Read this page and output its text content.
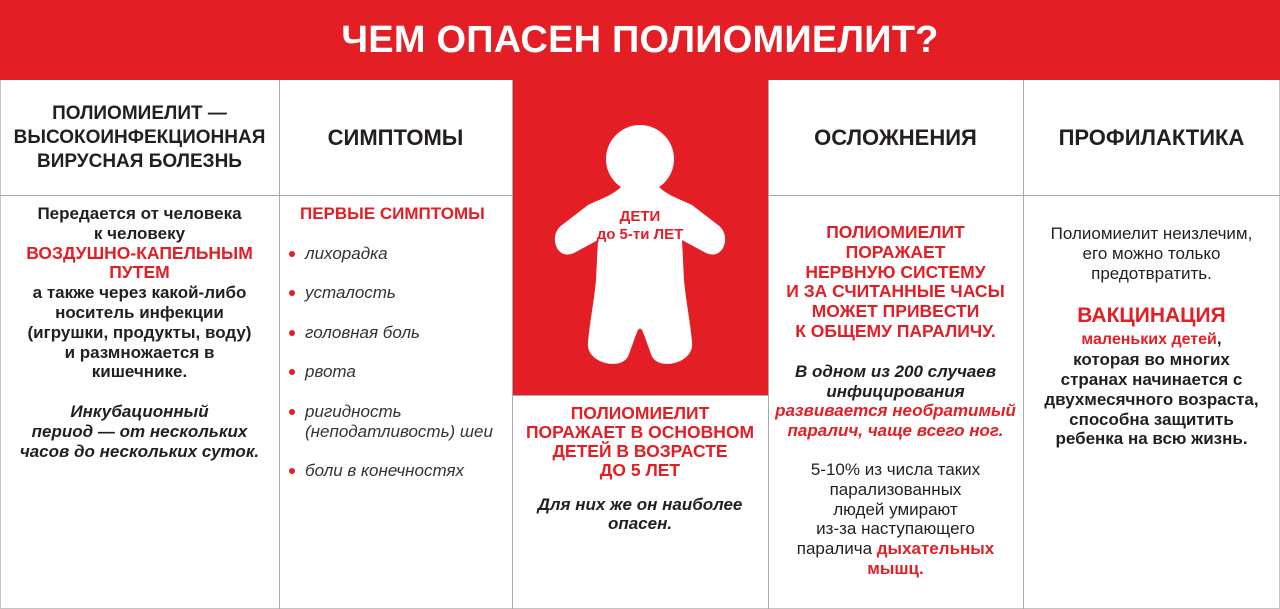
ЧЕМ ОПАСЕН ПОЛИОМИЕЛИТ?
ПОЛИОМИЕЛИТ —
ВЫСОКОИНФЕКЦИОННАЯ
ВИРУСНАЯ БОЛЕЗНЬ
СИМПТОМЫ	ОСЛОЖНЕНИЯ	ПРОФИЛАКТИКА

Передается от человека
к человеку

ВОЗДУШНО-КАПЕЛЬНЫМ
ПУТЕМ

а также через какой-либо
носитель инфекции
(игрушки, продукты, воду)
и размножается в
кишечнике.

Инкубационный
период — от нескольких
часов до нескольких суток.

ПЕРВЫЕ СИМПТОМЫ

лихорадка
усталость
головная боль
рвота
ригидность
(неподатливость) шеи
боли в конечностях
ДЕТИ
до 5-ти ЛЕТ

ПОЛИОМИЕЛИТ
ПОРАЖАЕТ В ОСНОВНОМ
ДЕТЕЙ В ВОЗРАСТЕ
ДО 5 ЛЕТ

Для них же он наиболее
опасен.

ПОЛИОМИЕЛИТ
ПОРАЖАЕТ
НЕРВНУЮ СИСТЕМУ
И ЗА СЧИТАННЫЕ ЧАСЫ
МОЖЕТ ПРИВЕСТИ
К ОБЩЕМУ ПАРАЛИЧУ.

В одном из 200 случаев
инфицирования

развивается необратимый
паралич, чаще всего ног.

5-10% из числа таких
парализованных
людей умирают
из-за наступающего
паралича дыхательных
мышц.

Полиомиелит неизлечим,
его можно только
предотвратить.

ВАКЦИНАЦИЯ

маленьких детей,

которая во многих
странах начинается с
двухмесячного возраста,
способна защитить
ребенка на всю жизнь.
